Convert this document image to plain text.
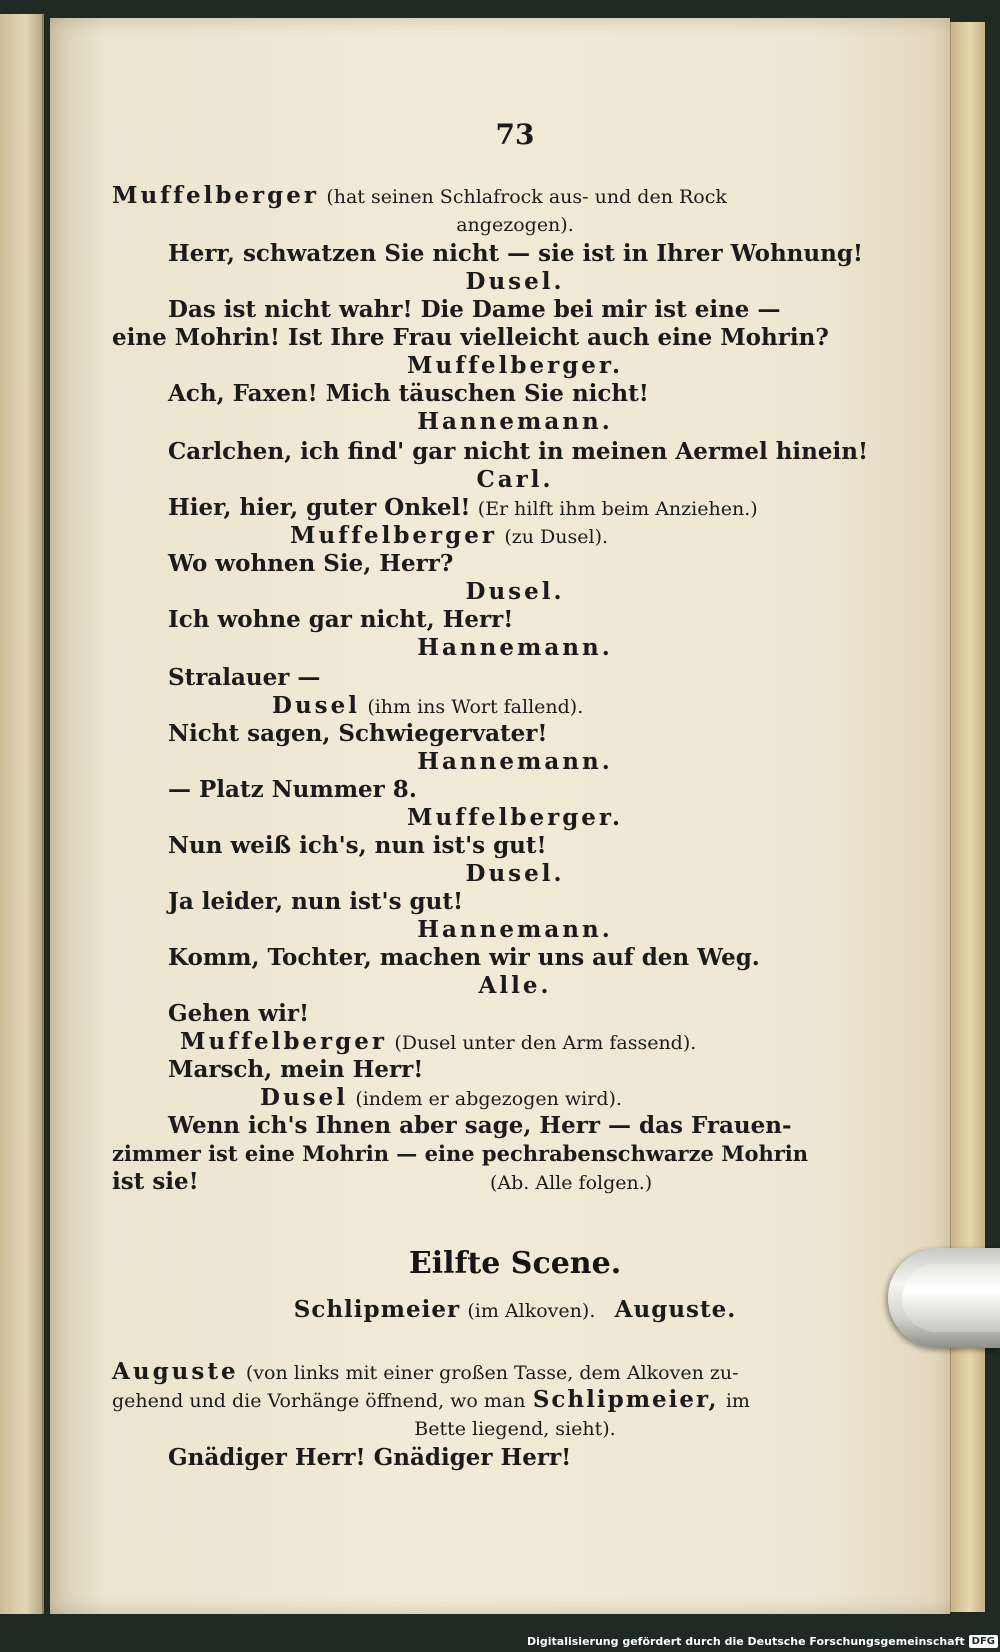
73
Muffelberger (hat seinen Schlafrock aus- und den Rock
angezogen).
Herr, schwatzen Sie nicht — sie ist in Ihrer Wohnung!
Dusel.
Das ist nicht wahr! Die Dame bei mir ist eine —
eine Mohrin! Ist Ihre Frau vielleicht auch eine Mohrin?
Muffelberger.
Ach, Faxen! Mich täuschen Sie nicht!
Hannemann.
Carlchen, ich find' gar nicht in meinen Aermel hinein!
Carl.
Hier, hier, guter Onkel! (Er hilft ihm beim Anziehen.)
Muffelberger (zu Dusel).
Wo wohnen Sie, Herr?
Dusel.
Ich wohne gar nicht, Herr!
Hannemann.
Stralauer —
Dusel (ihm ins Wort fallend).
Nicht sagen, Schwiegervater!
Hannemann.
— Platz Nummer 8.
Muffelberger.
Nun weiß ich's, nun ist's gut!
Dusel.
Ja leider, nun ist's gut!
Hannemann.
Komm, Tochter, machen wir uns auf den Weg.
Alle.
Gehen wir!
Muffelberger (Dusel unter den Arm fassend).
Marsch, mein Herr!
Dusel (indem er abgezogen wird).
Wenn ich's Ihnen aber sage, Herr — das Frauen-
zimmer ist eine Mohrin — eine pechrabenschwarze Mohrin
ist sie!	(Ab. Alle folgen.)
Eilfte Scene.
Schlipmeier (im Alkoven). Auguste.
Auguste (von links mit einer großen Tasse, dem Alkoven zu-
gehend und die Vorhänge öffnend, wo man Schlipmeier, im
Bette liegend, sieht).
Gnädiger Herr! Gnädiger Herr!
Digitalisierung gefördert durch die Deutsche Forschungsgemeinschaft DFG
